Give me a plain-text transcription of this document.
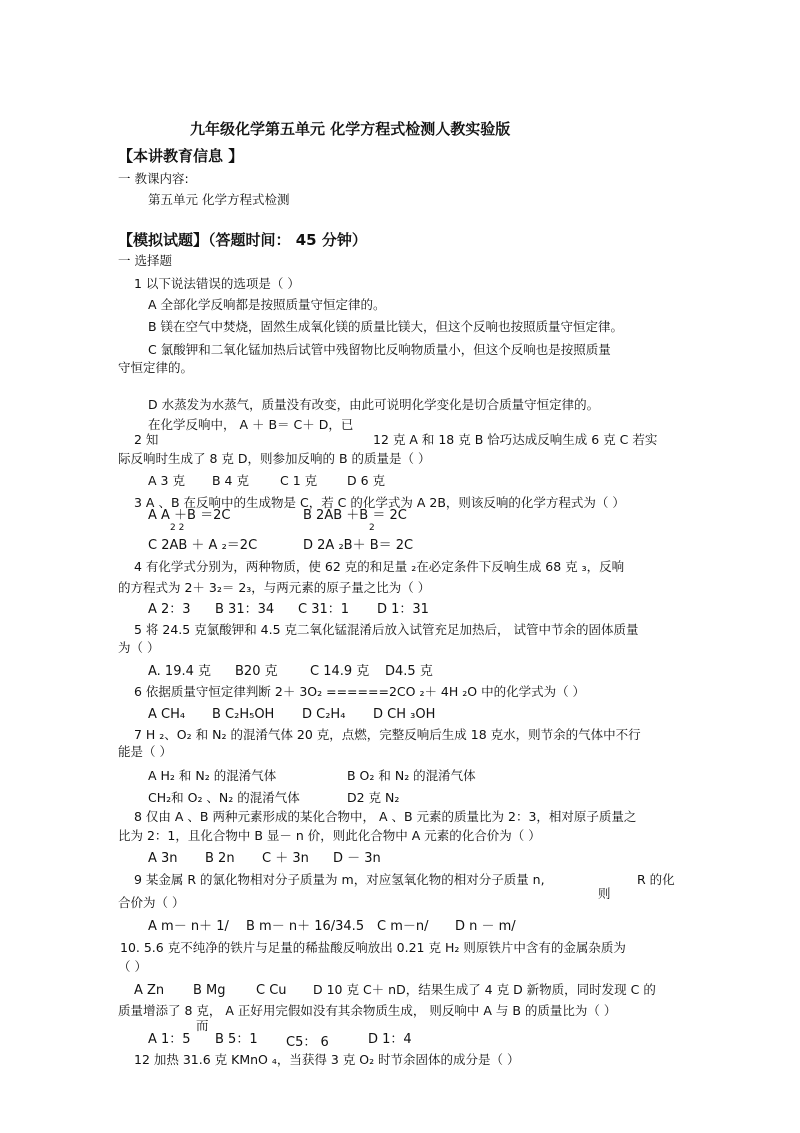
九年级化学第五单元 化学方程式检测人教实验版
【本讲教育信息 】
一 教课内容:
第五单元 化学方程式检测
【模拟试题】（答题时间： 45 分钟）
一 选择题
1 以下说法错误的选项是（ ）
A 全部化学反响都是按照质量守恒定律的。
B 镁在空气中焚烧，固然生成氧化镁的质量比镁大，但这个反响也按照质量守恒定律。
C 氯酸钾和二氧化锰加热后试管中残留物比反响物质量小，但这个反响也是按照质量
守恒定律的。
D 水蒸发为水蒸气，质量没有改变，由此可说明化学变化是切合质量守恒定律的。
在化学反响中， A ＋ B＝ C＋ D，已
2 知	12 克 A 和 18 克 B 恰巧达成反响生成 6 克 C 若实
际反响时生成了 8 克 D，则参加反响的 B 的质量是（ ）
A 3 克 B 4 克 C 1 克 D 6 克
3 A 、B 在反响中的生成物是 C，若 C 的化学式为 A 2B，则该反响的化学方程式为（ ）
A A ＋B ＝2C
2 2
B 2AB ＋B ＝ 2C
2
C 2AB ＋ A ₂＝2C	D 2A ₂B＋ B＝ 2C
4 有化学式分别为，两种物质，使 62 克的和足量 ₂在必定条件下反响生成 68 克 ₃，反响
的方程式为 2＋ 3₂＝ 2₃，与两元素的原子量之比为（ ）
A 2：3 B 31：34 C 31：1 D 1：31
5 将 24.5 克氯酸钾和 4.5 克二氧化锰混淆后放入试管充足加热后， 试管中节余的固体质量
为（ ）
A. 19.4 克 B20 克 C 14.9 克 D4.5 克
6 依据质量守恒定律判断 2＋ 3O₂ ======2CO ₂＋ 4H ₂O 中的化学式为（ ）
A CH₄ B C₂H₅OH D C₂H₄ D CH ₃OH
7 H ₂、O₂ 和 N₂ 的混淆气体 20 克，点燃，完整反响后生成 18 克水，则节余的气体中不行
能是（ ）
A H₂ 和 N₂ 的混淆气体	B O₂ 和 N₂ 的混淆气体
CH₂和 O₂ 、N₂ 的混淆气体	D2 克 N₂
8 仅由 A 、B 两种元素形成的某化合物中， A 、B 元素的质量比为 2：3，相对原子质量之
比为 2：1，且化合物中 B 显－ n 价，则此化合物中 A 元素的化合价为（ ）
A 3n B 2n C ＋ 3n D － 3n
9 某金属 R 的氯化物相对分子质量为 m，对应氢氧化物的相对分子质量 n,
则
R 的化
合价为（ ）
A m－ n＋ 1/ B m－ n＋ 16/34.5 C m－n/ D n － m/
10. 5.6 克不纯净的铁片与足量的稀盐酸反响放出 0.21 克 H₂ 则原铁片中含有的金属杂质为
（ ）
A Zn B Mg C Cu D 10 克 C＋ nD，结果生成了 4 克 D 新物质，同时发现 C 的
质量增添了 8 克， A 正好用完假如没有其余物质生成， 则反响中 A 与 B 的质量比为（ ）
而
A 1：5 B 5：1 C5： 6	D 1：4
12 加热 31.6 克 KMnO ₄，当获得 3 克 O₂ 时节余固体的成分是（ ）
